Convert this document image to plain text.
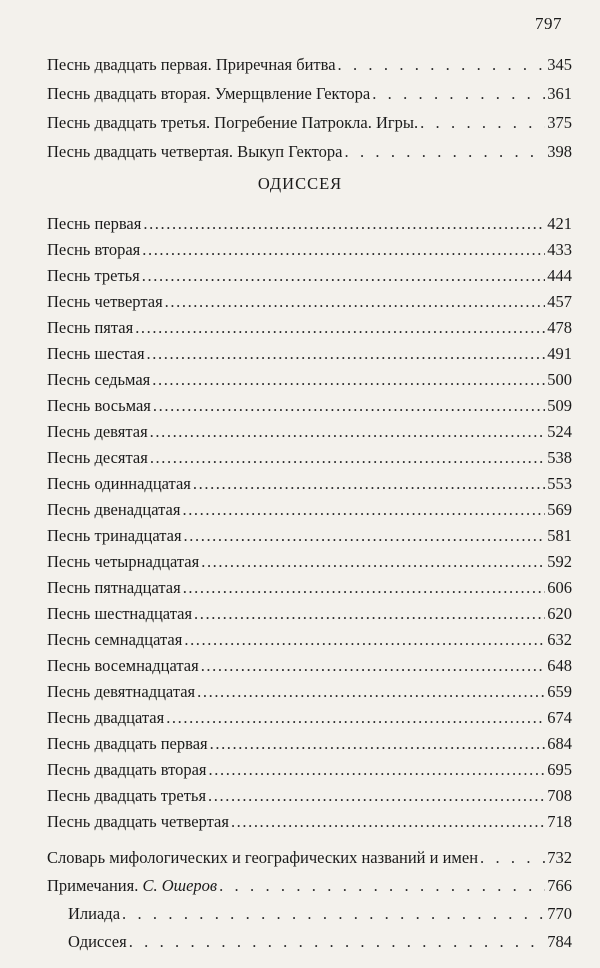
797
Песнь двадцать первая. Приречная битва . . .	345
Песнь двадцать вторая. Умерщвление Гектора . . .	361
Песнь двадцать третья. Погребение Патрокла. Игры. . . .	375
Песнь двадцать четвертая. Выкуп Гектора . . .	398
ОДИССЕЯ
Песнь первая .....	421
Песнь вторая .....	433
Песнь третья .....	444
Песнь четвертая .....	457
Песнь пятая .....	478
Песнь шестая .....	491
Песнь седьмая .....	500
Песнь восьмая .....	509
Песнь девятая .....	524
Песнь десятая .....	538
Песнь одиннадцатая .....	553
Песнь двенадцатая .....	569
Песнь тринадцатая .....	581
Песнь четырнадцатая .....	592
Песнь пятнадцатая .....	606
Песнь шестнадцатая .....	620
Песнь семнадцатая .....	632
Песнь восемнадцатая .....	648
Песнь девятнадцатая .....	659
Песнь двадцатая .....	674
Песнь двадцать первая .....	684
Песнь двадцать вторая .....	695
Песнь двадцать третья .....	708
Песнь двадцать четвертая .....	718
Словарь мифологических и географических названий и имен . . .	732
Примечания. С. Ошеров . . .	766
Илиада . . .	770
Одиссея . . .	784
